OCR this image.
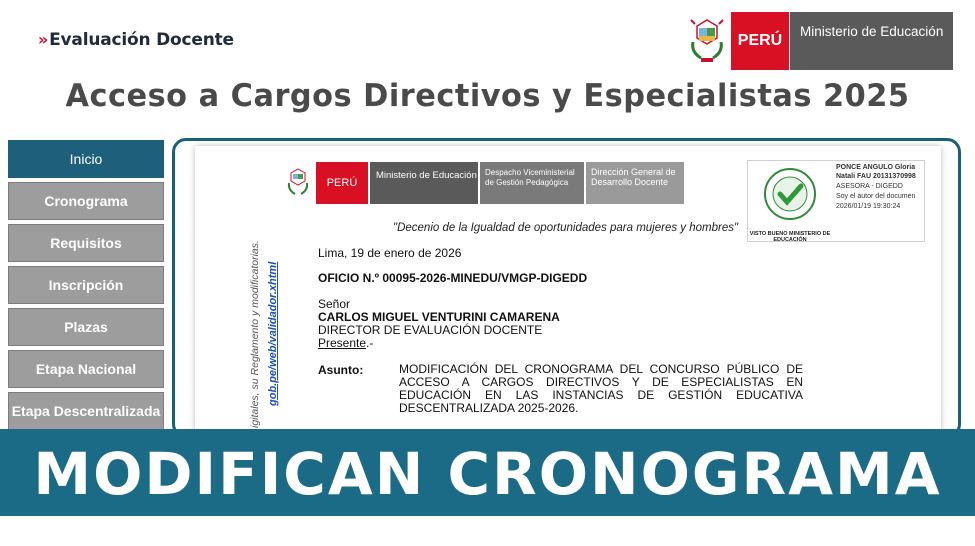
»Evaluación Docente	PERÚ
Ministerio de Educación
Acceso a Cargos Directivos y Especialistas 2025
Inicio
Cronograma
Requisitos
Inscripción
Plazas
Etapa Nacional
Etapa Descentralizada	igitales, su Reglamento y modificatorias. gob.pe/web/validador.xhtml
PERÚ
Ministerio de Educación	Despacho Viceministerial de Gestión Pedagógica
Dirección General de Desarrollo Docente
PONCE ANGULO Gloria Natali FAU 20131370998
ASESORA - DIGEDD
Soy el autor del documen
2026/01/19 19:30:24
VISTO BUENO MINISTERIO DE EDUCACIÓN
"Decenio de la Igualdad de oportunidades para mujeres y hombres"
Lima, 19 de enero de 2026
OFICIO N.º 00095-2026-MINEDU/VMGP-DIGEDD
Señor
CARLOS MIGUEL VENTURINI CAMARENA
DIRECTOR DE EVALUACIÓN DOCENTE
Presente.-
Asunto:	MODIFICACIÓN DEL CRONOGRAMA DEL CONCURSO PÚBLICO DE ACCESO A CARGOS DIRECTIVOS Y DE ESPECIALISTAS EN EDUCACIÓN EN LAS INSTANCIAS DE GESTIÓN EDUCATIVA DESCENTRALIZADA 2025-2026.
MODIFICAN CRONOGRAMA
